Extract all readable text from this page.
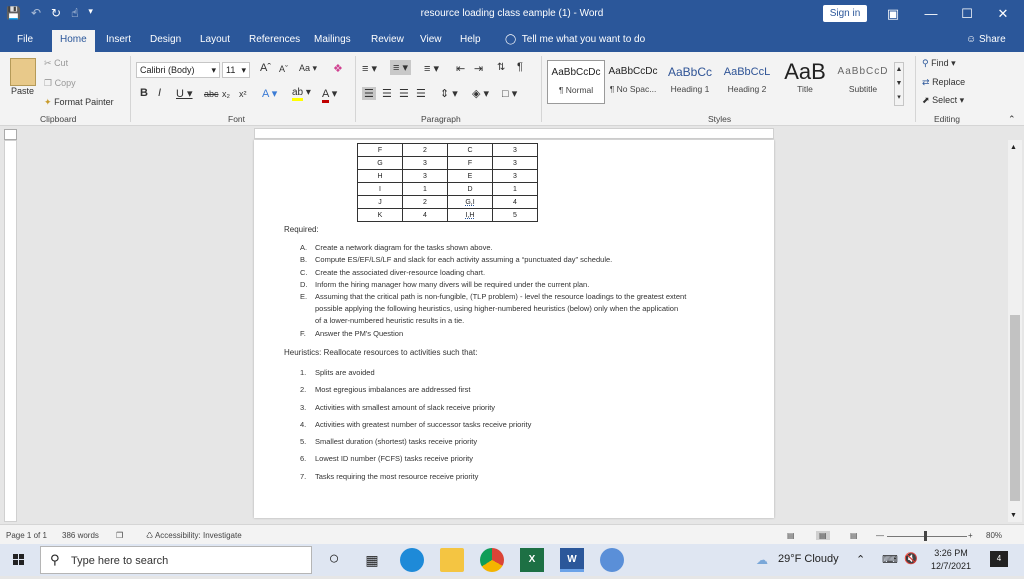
💾 ↶ ↻ ☝ ▾	resource loading class eample (1) - Word	Sign in	▣	—	☐	✕
File	Home	Insert Design Layout References Mailings Review View Help ◯ Tell me what you want to do	☺ Share
Paste
✂ Cut
❐ Copy
✦ Format Painter
Clipboard
Calibri (Body) ▾	11 ▾ Aˆ Aˇ Aa ▾ ❖
B I U ▾ abc x₂ x² A ▾ ab ▾ A ▾
Font
≡ ▾ ≡ ▾ ≡ ▾ ⇤ ⇥ ⇅ ¶
☰ ☰ ☰ ☰ ⇕ ▾ ◈ ▾ □ ▾
Paragraph
AaBbCcDc
¶ Normal
AaBbCcDc
¶ No Spac...
AaBbCc
Heading 1
AaBbCcL
Heading 2
AaB
Title
AaBbCcD
Subtitle
▲
▼
▾
Styles
⚲ Find ▾
⇄ Replace
⬈ Select ▾
Editing	⌃
F	2	C	3
G	3	F	3
H	3	E	3
I	1	D	1
J	2	G,I	4
K	4	I,H	5
Required:
A. Create a network diagram for the tasks shown above.
B. Compute ES/EF/LS/LF and slack for each activity assuming a “punctuated day” schedule.
C. Create the associated diver-resource loading chart.
D. Inform the hiring manager how many divers will be required under the current plan.
E. Assuming that the critical path is non-fungible, (TLP problem) - level the resource loadings to the greatest extent
possible applying the following heuristics, using higher-numbered heuristics (below) only when the application
of a lower-numbered heuristic results in a tie.
F. Answer the PM's Question
Heuristics: Reallocate resources to activities such that:
1. Splits are avoided
2. Most egregious imbalances are addressed first
3. Activities with smallest amount of slack receive priority
4. Activities with greatest number of successor tasks receive priority
5. Smallest duration (shortest) tasks receive priority
6. Lowest ID number (FCFS) tasks receive priority
7. Tasks requiring the most resource receive priority
▲
▼
Page 1 of 1 386 words ❒	♺ Accessibility: Investigate	▤	▤	▤ —	+ 80%
⚲ Type here to search	○	▦	X	W	☁ 29°F Cloudy ⌃ ⌨ 🔇	3:26 PM
12/7/2021
4
